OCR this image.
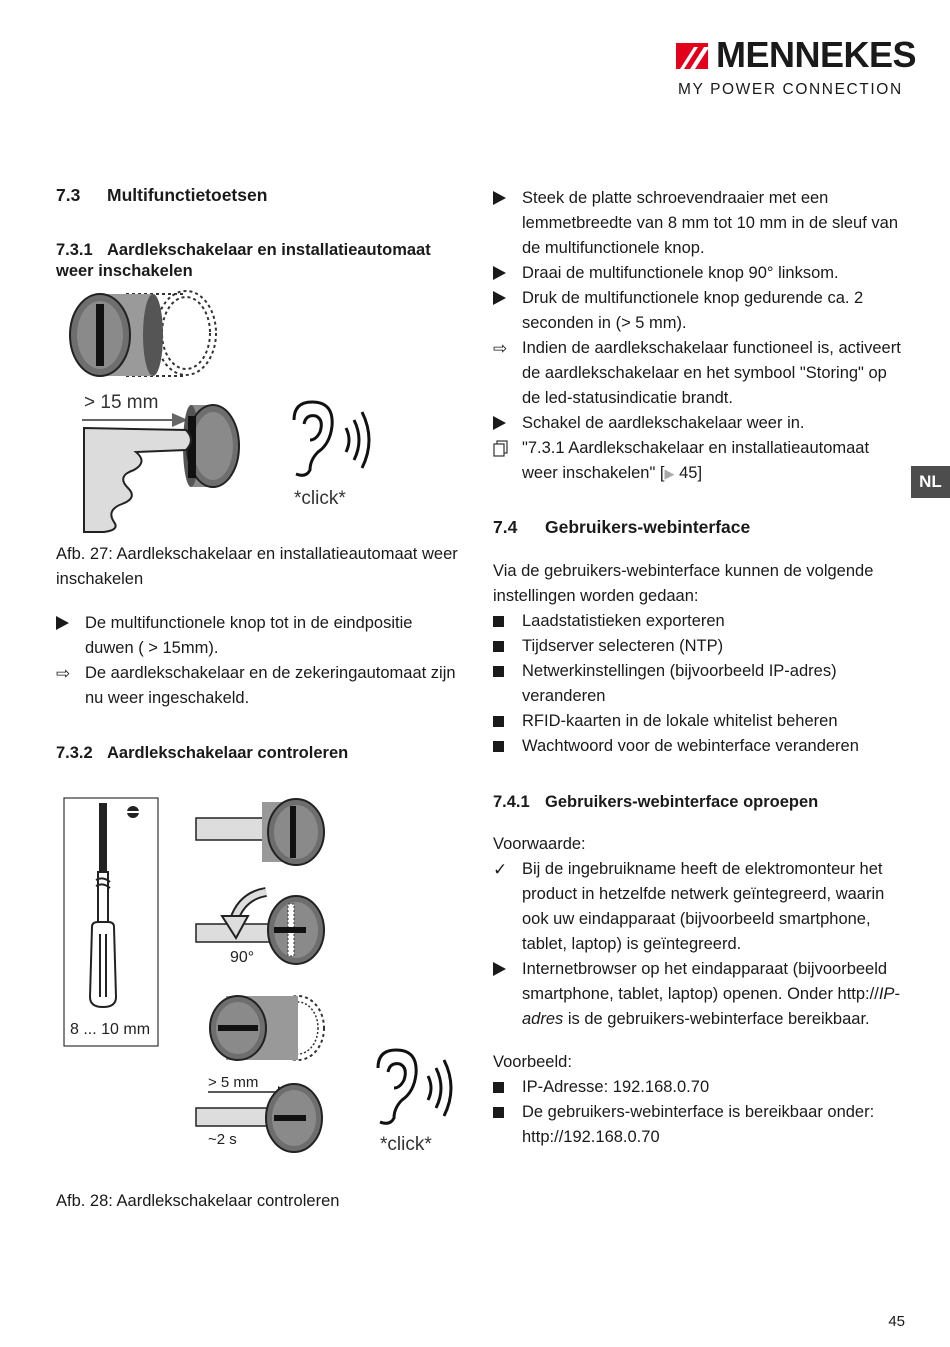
MENNEKES
MY POWER CONNECTION
NL
45
7.3 Multifunctietoetsen
7.3.1 Aardlekschakelaar en installatieautomaat weer inschakelen
> 15 mm
*click*

Afb. 27: Aardlekschakelaar en installatieautomaat weer inschakelen

De multifunctionele knop tot in de eindpositie duwen ( > 15mm).
⇨ De aardlekschakelaar en de zekeringautomaat zijn nu weer ingeschakeld.
7.3.2 Aardlekschakelaar controleren
8 ... 10 mm
90°
> 5 mm
~2 s	*click*

Afb. 28: Aardlekschakelaar controleren

Steek de platte schroevendraaier met een lemmetbreedte van 8 mm tot 10 mm in de sleuf van de multifunctionele knop.
Draai de multifunctionele knop 90° linksom.
Druk de multifunctionele knop gedurende ca. 2 seconden in (> 5 mm).
⇨ Indien de aardlekschakelaar functioneel is, activeert de aardlekschakelaar en het symbool "Storing" op de led-statusindicatie brandt.
Schakel de aardlekschakelaar weer in.
"7.3.1 Aardlekschakelaar en installatieautomaat weer inschakelen" [▶ 45]
7.4 Gebruikers-webinterface

Via de gebruikers-webinterface kunnen de volgende instellingen worden gedaan:

Laadstatistieken exporteren
Tijdserver selecteren (NTP)
Netwerkinstellingen (bijvoorbeeld IP-adres) veranderen
RFID-kaarten in de lokale whitelist beheren
Wachtwoord voor de webinterface veranderen
7.4.1 Gebruikers-webinterface oproepen

Voorwaarde:

✓ Bij de ingebruikname heeft de elektromonteur het product in hetzelfde netwerk geïntegreerd, waarin ook uw eindapparaat (bijvoorbeeld smartphone, tablet, laptop) is geïntegreerd.
Internetbrowser op het eindapparaat (bijvoorbeeld smartphone, tablet, laptop) openen. Onder http://IP-adres is de gebruikers-webinterface bereikbaar.

Voorbeeld:

IP-Adresse: 192.168.0.70
De gebruikers-webinterface is bereikbaar onder: http://192.168.0.70
